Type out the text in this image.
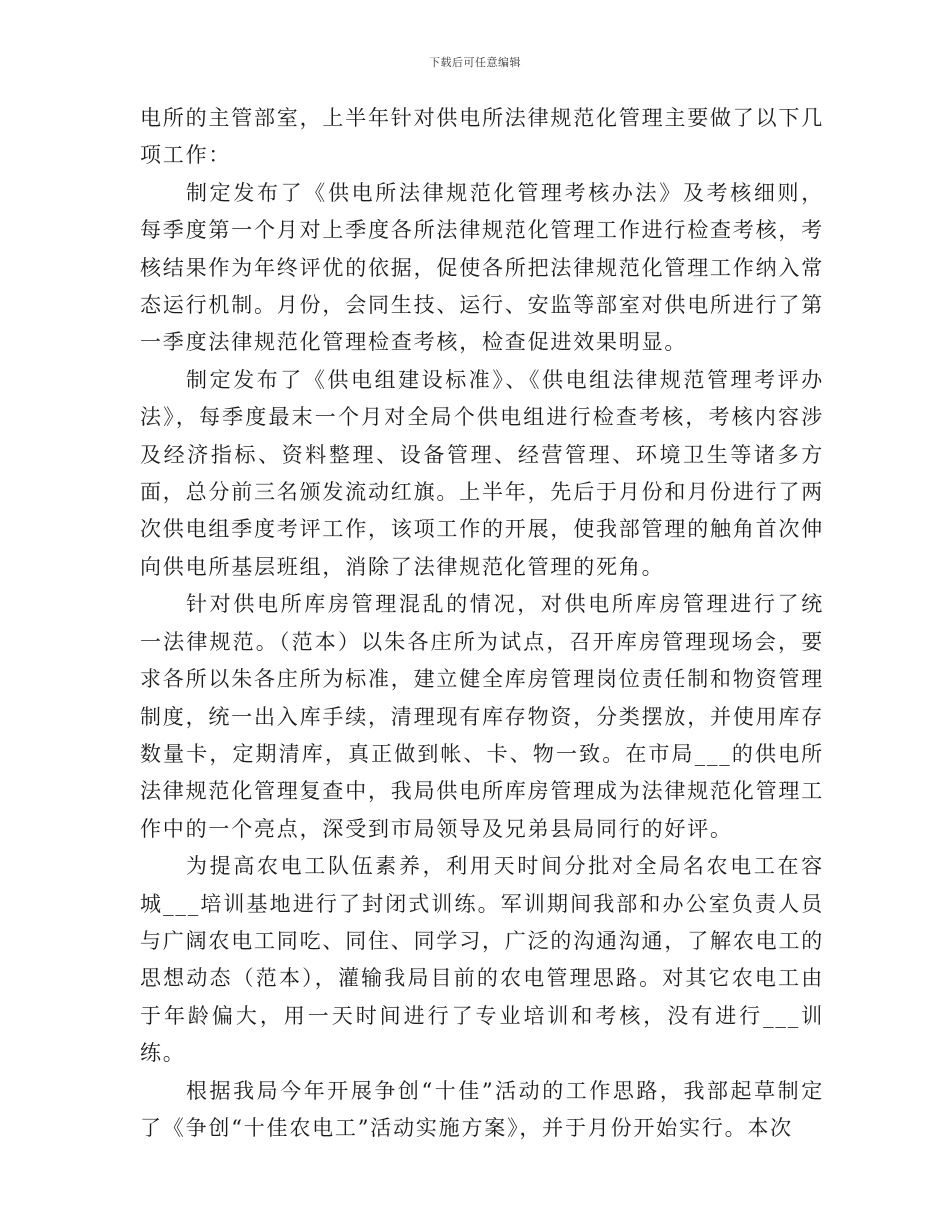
下载后可任意编辑

电所的主管部室，上半年针对供电所法律规范化管理主要做了以下几项工作：

制定发布了《供电所法律规范化管理考核办法》及考核细则，每季度第一个月对上季度各所法律规范化管理工作进行检查考核，考核结果作为年终评优的依据，促使各所把法律规范化管理工作纳入常态运行机制。月份，会同生技、运行、安监等部室对供电所进行了第一季度法律规范化管理检查考核，检查促进效果明显。

制定发布了《供电组建设标准》、《供电组法律规范管理考评办法》，每季度最末一个月对全局个供电组进行检查考核，考核内容涉及经济指标、资料整理、设备管理、经营管理、环境卫生等诸多方面，总分前三名颁发流动红旗。上半年，先后于月份和月份进行了两次供电组季度考评工作，该项工作的开展，使我部管理的触角首次伸向供电所基层班组，消除了法律规范化管理的死角。

针对供电所库房管理混乱的情况，对供电所库房管理进行了统一法律规范。（范本）以朱各庄所为试点，召开库房管理现场会，要求各所以朱各庄所为标准，建立健全库房管理岗位责任制和物资管理制度，统一出入库手续，清理现有库存物资，分类摆放，并使用库存数量卡，定期清库，真正做到帐、卡、物一致。在市局___的供电所法律规范化管理复查中，我局供电所库房管理成为法律规范化管理工作中的一个亮点，深受到市局领导及兄弟县局同行的好评。

为提高农电工队伍素养，利用天时间分批对全局名农电工在容城___培训基地进行了封闭式训练。军训期间我部和办公室负责人员与广阔农电工同吃、同住、同学习，广泛的沟通沟通，了解农电工的思想动态（范本），灌输我局目前的农电管理思路。对其它农电工由于年龄偏大，用一天时间进行了专业培训和考核，没有进行___训练。

根据我局今年开展争创“十佳”活动的工作思路，我部起草制定了《争创“十佳农电工”活动实施方案》，并于月份开始实行。本次
